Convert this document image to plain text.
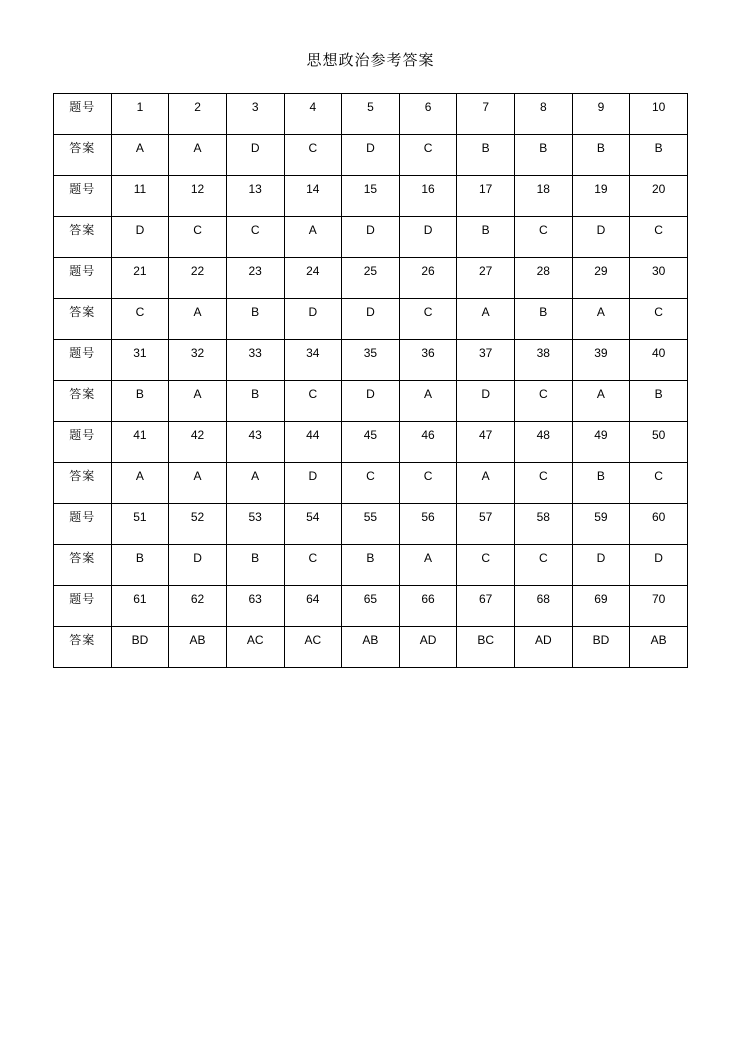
思想政治参考答案
题号	1	2	3	4	5	6	7	8	9	10
答案	A	A	D	C	D	C	B	B	B	B
题号	11	12	13	14	15	16	17	18	19	20
答案	D	C	C	A	D	D	B	C	D	C
题号	21	22	23	24	25	26	27	28	29	30
答案	C	A	B	D	D	C	A	B	A	C
题号	31	32	33	34	35	36	37	38	39	40
答案	B	A	B	C	D	A	D	C	A	B
题号	41	42	43	44	45	46	47	48	49	50
答案	A	A	A	D	C	C	A	C	B	C
题号	51	52	53	54	55	56	57	58	59	60
答案	B	D	B	C	B	A	C	C	D	D
题号	61	62	63	64	65	66	67	68	69	70
答案	BD	AB	AC	AC	AB	AD	BC	AD	BD	AB
